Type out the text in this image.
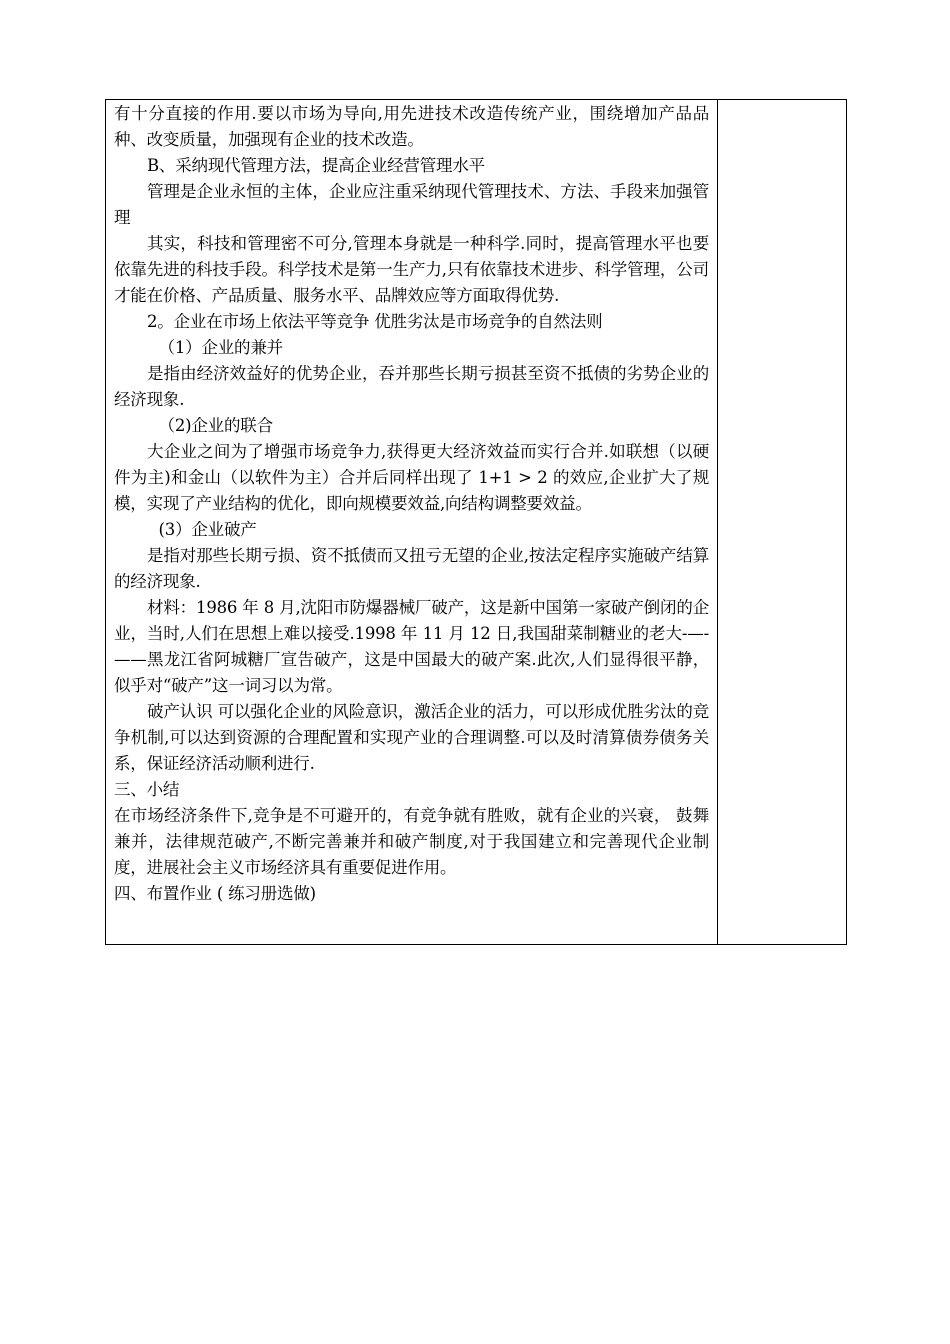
有十分直接的作用.要以市场为导向,用先进技术改造传统产业，围绕增加产品品种、改变质量，加强现有企业的技术改造。

B、采纳现代管理方法，提高企业经营管理水平

管理是企业永恒的主体，企业应注重采纳现代管理技术、方法、手段来加强管理

其实，科技和管理密不可分,管理本身就是一种科学.同时，提高管理水平也要依靠先进的科技手段。科学技术是第一生产力,只有依靠技术进步、科学管理，公司才能在价格、产品质量、服务水平、品牌效应等方面取得优势.

2。企业在市场上依法平等竞争 优胜劣汰是市场竞争的自然法则

（1）企业的兼并

是指由经济效益好的优势企业，吞并那些长期亏损甚至资不抵债的劣势企业的经济现象.

（2)企业的联合

大企业之间为了增强市场竞争力,获得更大经济效益而实行合并.如联想（以硬件为主)和金山（以软件为主）合并后同样出现了 1+1 > 2 的效应,企业扩大了规模，实现了产业结构的优化，即向规模要效益,向结构调整要效益。

(3）企业破产

是指对那些长期亏损、资不抵债而又扭亏无望的企业,按法定程序实施破产结算的经济现象.

材料：1986 年 8 月,沈阳市防爆器械厂破产，这是新中国第一家破产倒闭的企业，当时,人们在思想上难以接受.1998 年 11 月 12 日,我国甜菜制糖业的老大-—-——黑龙江省阿城糖厂宣告破产，这是中国最大的破产案.此次,人们显得很平静，似乎对“破产”这一词习以为常。

破产认识 可以强化企业的风险意识，激活企业的活力，可以形成优胜劣汰的竞争机制,可以达到资源的合理配置和实现产业的合理调整.可以及时清算债券债务关系，保证经济活动顺利进行.

三、小结

在市场经济条件下,竞争是不可避开的，有竞争就有胜败，就有企业的兴衰， 鼓舞兼并，法律规范破产,不断完善兼并和破产制度,对于我国建立和完善现代企业制度，进展社会主义市场经济具有重要促进作用。

四、布置作业 ( 练习册选做)
